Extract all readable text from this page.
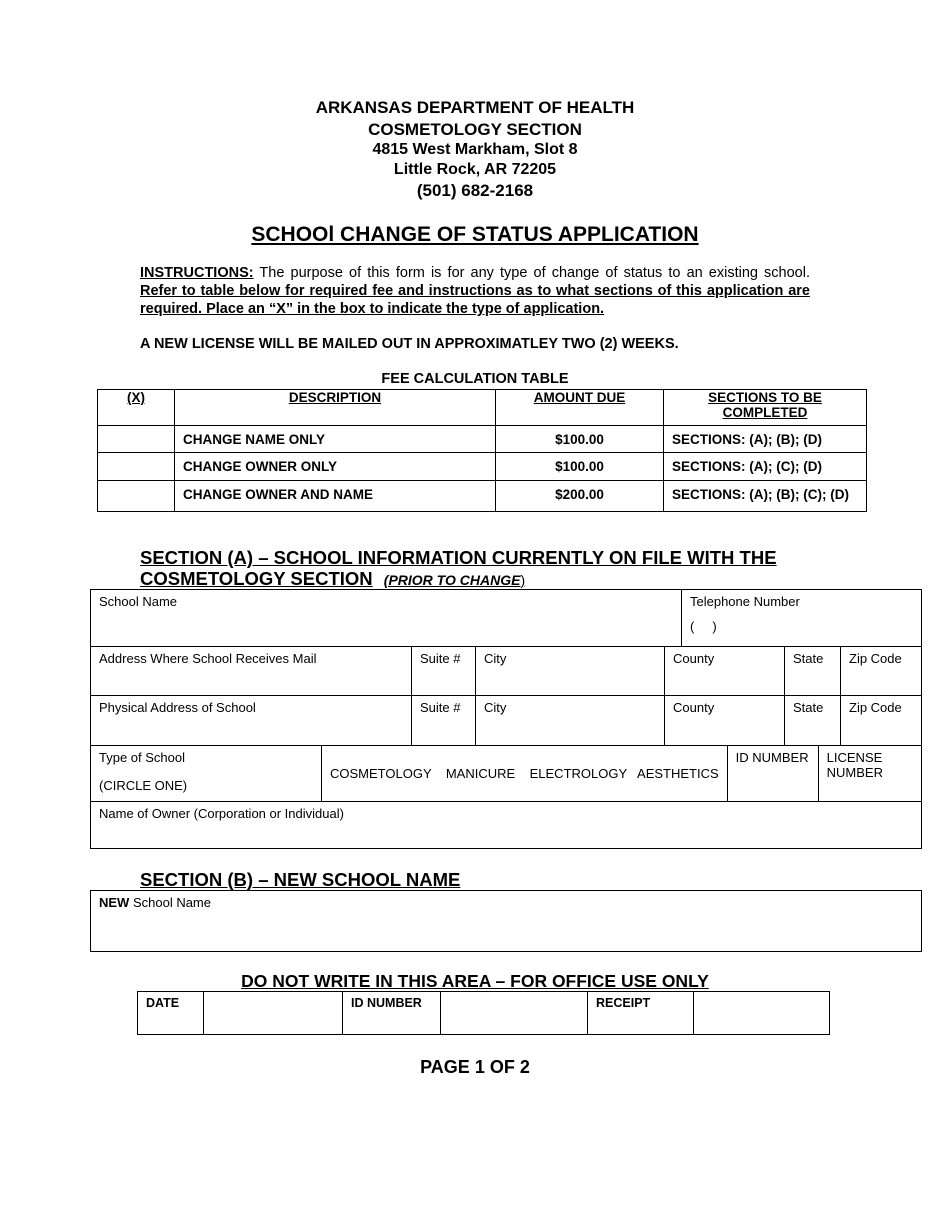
ARKANSAS DEPARTMENT OF HEALTH
COSMETOLOGY SECTION
4815 West Markham, Slot 8
Little Rock, AR 72205
(501) 682-2168
SCHOOl CHANGE OF STATUS APPLICATION
INSTRUCTIONS: The purpose of this form is for any type of change of status to an existing school. Refer to table below for required fee and instructions as to what sections of this application are required. Place an “X” in the box to indicate the type of application.
A NEW LICENSE WILL BE MAILED OUT IN APPROXIMATLEY TWO (2) WEEKS.
FEE CALCULATION TABLE
(X)	DESCRIPTION	AMOUNT DUE	SECTIONS TO BE COMPLETED
	CHANGE NAME ONLY	$100.00	SECTIONS: (A); (B); (D)
	CHANGE OWNER ONLY	$100.00	SECTIONS: (A); (C); (D)
	CHANGE OWNER AND NAME	$200.00	SECTIONS: (A); (B); (C); (D)
SECTION (A) – SCHOOL INFORMATION CURRENTLY ON FILE WITH THE
COSMETOLOGY SECTION (PRIOR TO CHANGE)
School Name	Telephone Number
(     )
Address Where School Receives Mail	Suite #	City	County	State	Zip Code
Physical Address of School	Suite #	City	County	State	Zip Code
Type of School
(CIRCLE ONE)
	COSMETOLOGY    MANICURE    ELECTROLOGY   AESTHETICS	ID NUMBER	LICENSE NUMBER
Name of Owner (Corporation or Individual)
SECTION (B) – NEW SCHOOL NAME
NEW School Name
DO NOT WRITE IN THIS AREA – FOR OFFICE USE ONLY
DATE		ID NUMBER		RECEIPT	
PAGE 1 OF 2
